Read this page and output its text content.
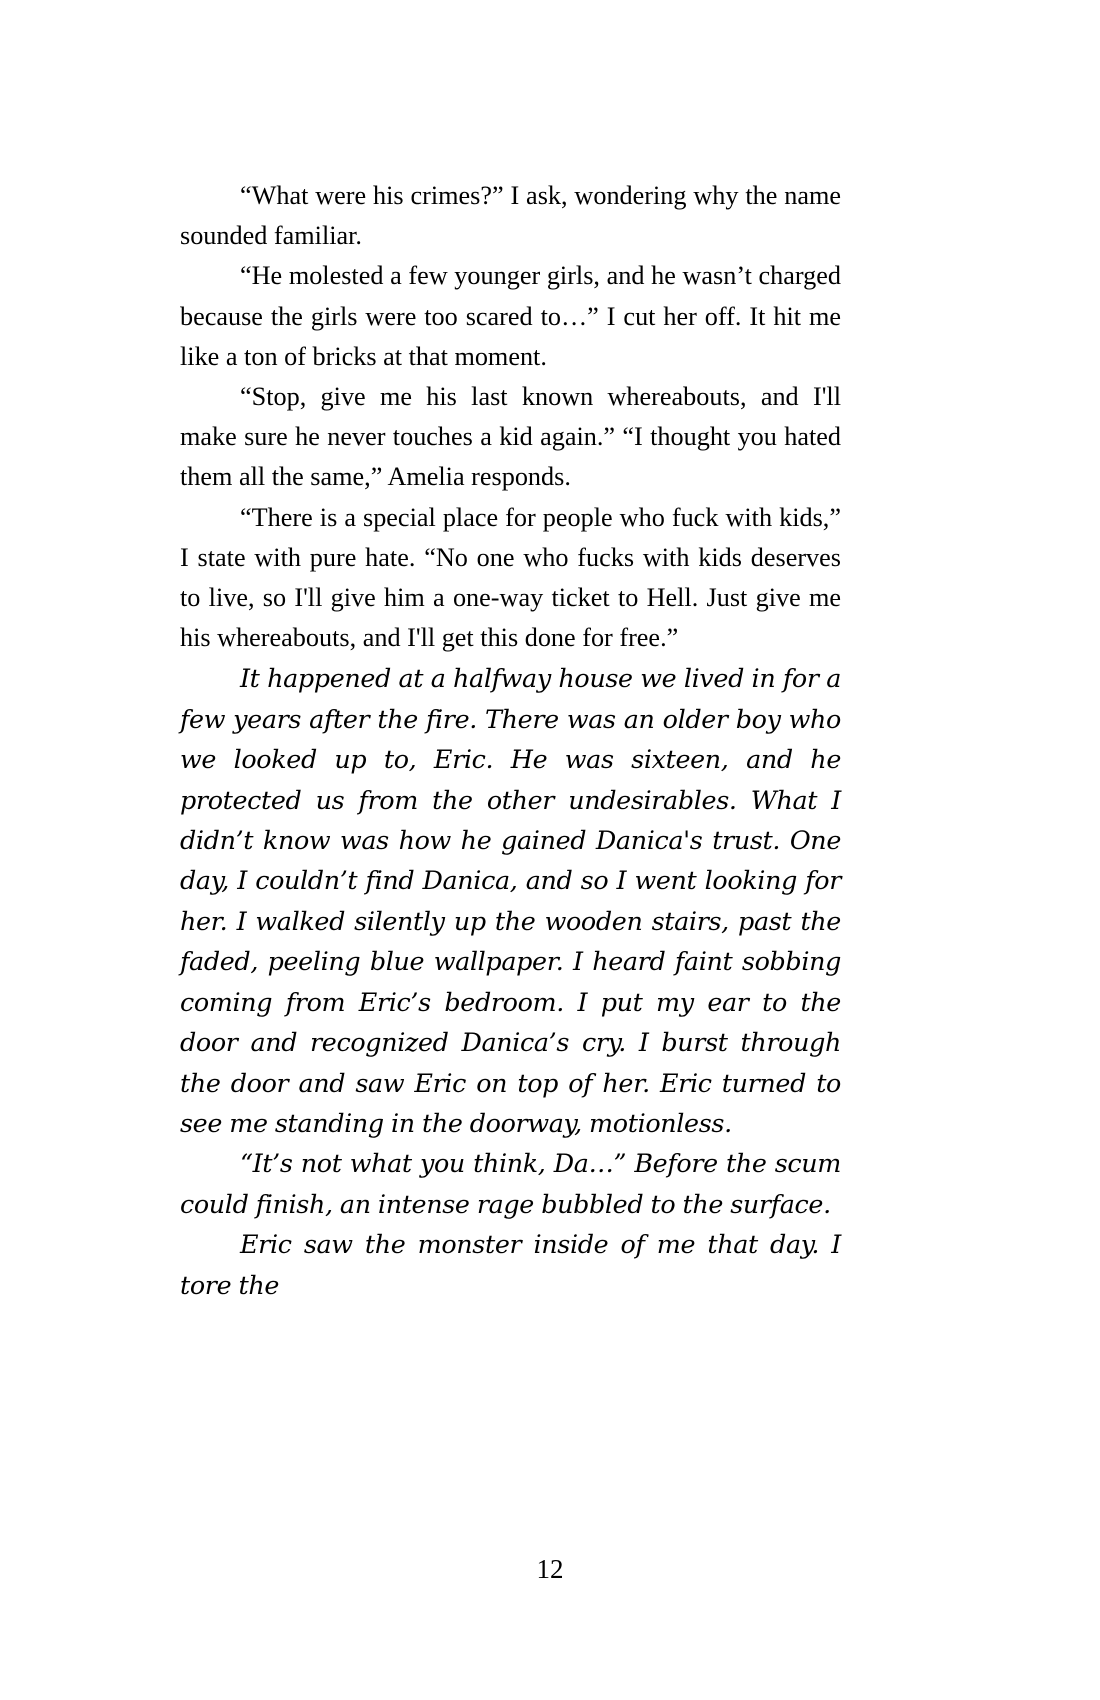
“What were his crimes?” I ask, wondering why the name sounded familiar.

“He molested a few younger girls, and he wasn’t charged because the girls were too scared to…” I cut her off. It hit me like a ton of bricks at that moment.

“Stop, give me his last known whereabouts, and I'll make sure he never touches a kid again.” “I thought you hated them all the same,” Amelia responds.

“There is a special place for people who fuck with kids,” I state with pure hate. “No one who fucks with kids deserves to live, so I'll give him a one-way ticket to Hell. Just give me his whereabouts, and I'll get this done for free.”

It happened at a halfway house we lived in for a few years after the fire. There was an older boy who we looked up to, Eric. He was sixteen, and he protected us from the other undesirables. What I didn’t know was how he gained Danica's trust. One day, I couldn’t find Danica, and so I went looking for her. I walked silently up the wooden stairs, past the faded, peeling blue wallpaper. I heard faint sobbing coming from Eric’s bedroom. I put my ear to the door and recognized Danica’s cry. I burst through the door and saw Eric on top of her. Eric turned to see me standing in the doorway, motionless.

“It’s not what you think, Da…” Before the scum could finish, an intense rage bubbled to the surface.

Eric saw the monster inside of me that day. I tore the

12
